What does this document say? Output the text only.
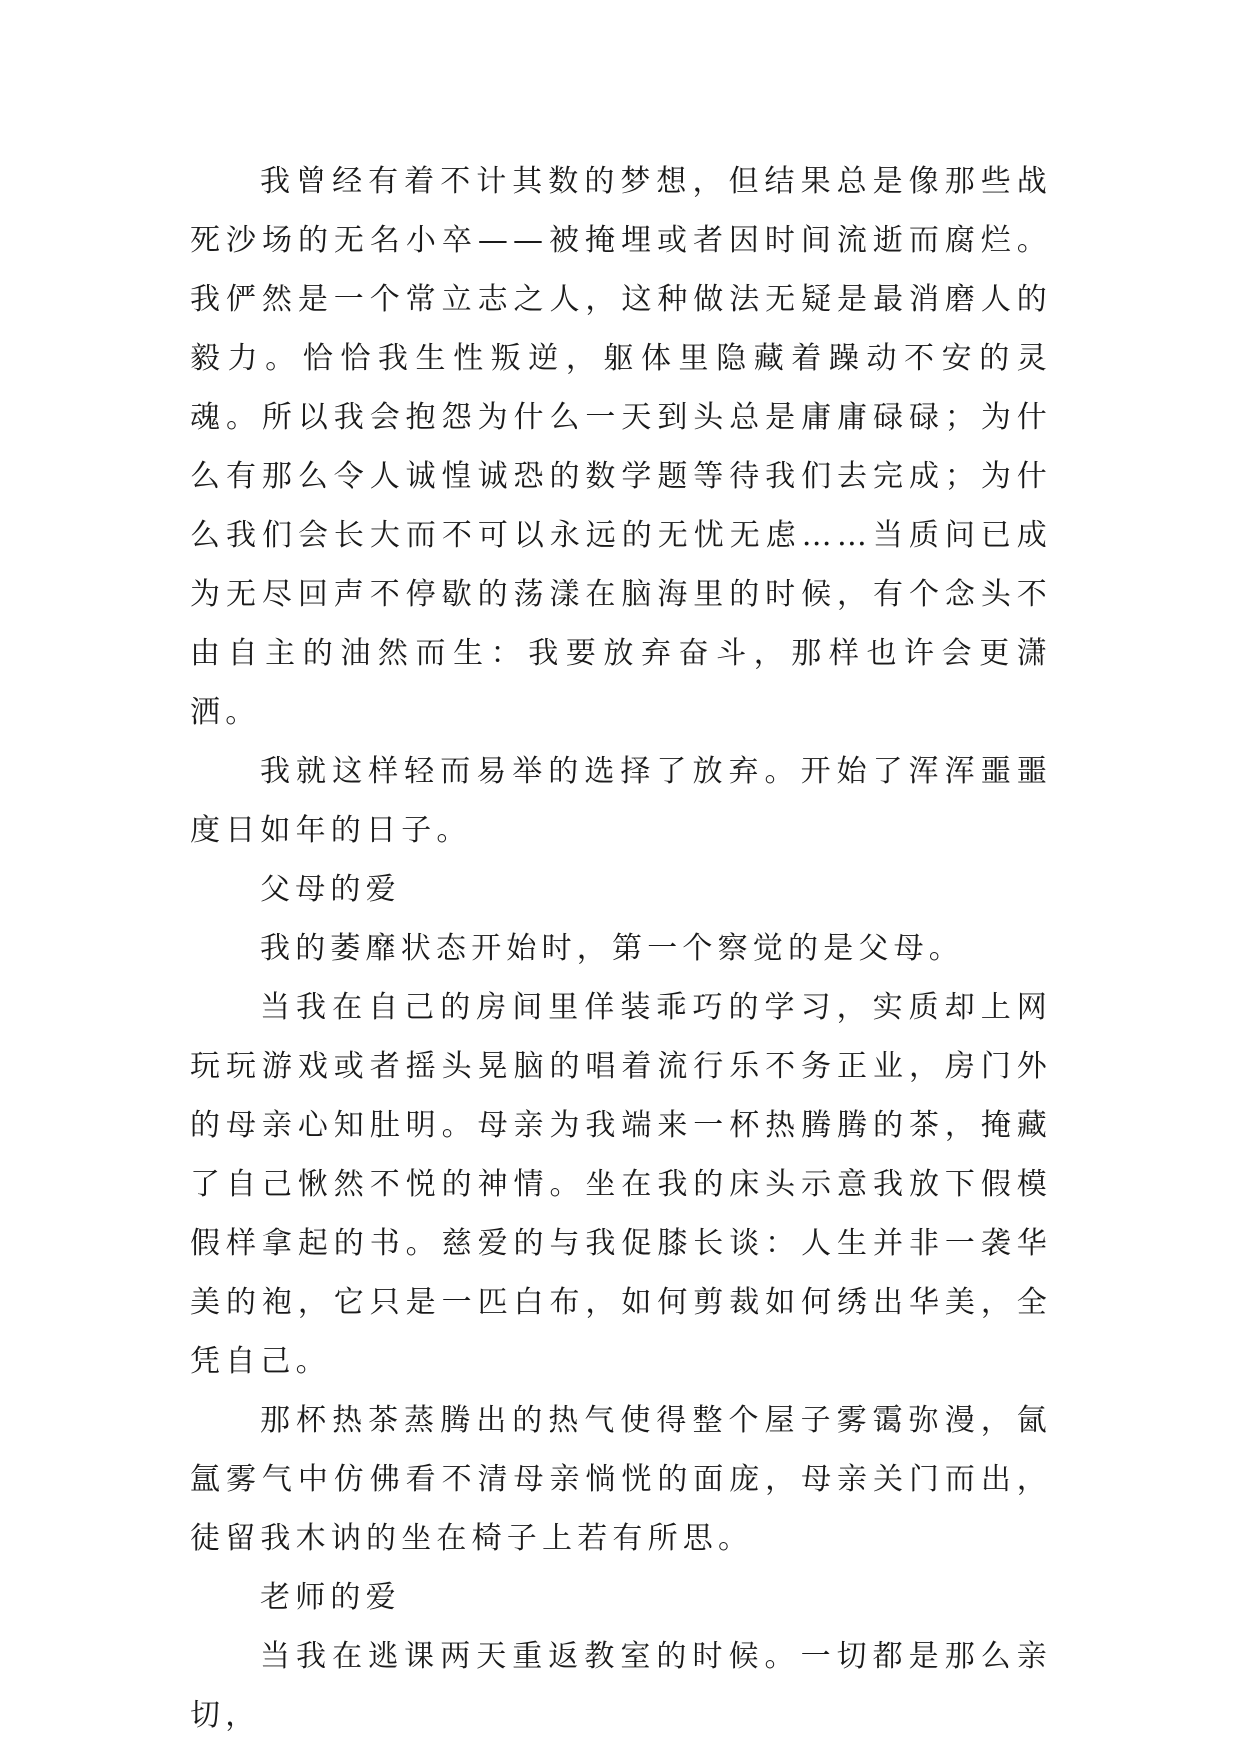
我曾经有着不计其数的梦想，但结果总是像那些战死沙场的无名小卒——被掩埋或者因时间流逝而腐烂。我俨然是一个常立志之人，这种做法无疑是最消磨人的毅力。恰恰我生性叛逆，躯体里隐藏着躁动不安的灵魂。所以我会抱怨为什么一天到头总是庸庸碌碌；为什么有那么令人诚惶诚恐的数学题等待我们去完成；为什么我们会长大而不可以永远的无忧无虑……当质问已成为无尽回声不停歇的荡漾在脑海里的时候，有个念头不由自主的油然而生：我要放弃奋斗，那样也许会更潇洒。

我就这样轻而易举的选择了放弃。开始了浑浑噩噩度日如年的日子。

父母的爱

我的萎靡状态开始时，第一个察觉的是父母。

当我在自己的房间里佯装乖巧的学习，实质却上网玩玩游戏或者摇头晃脑的唱着流行乐不务正业，房门外的母亲心知肚明。母亲为我端来一杯热腾腾的茶，掩藏了自己愀然不悦的神情。坐在我的床头示意我放下假模假样拿起的书。慈爱的与我促膝长谈：人生并非一袭华美的袍，它只是一匹白布，如何剪裁如何绣出华美，全凭自己。

那杯热茶蒸腾出的热气使得整个屋子雾霭弥漫，氤氲雾气中仿佛看不清母亲惝恍的面庞，母亲关门而出，徒留我木讷的坐在椅子上若有所思。

老师的爱

当我在逃课两天重返教室的时候。一切都是那么亲切，
